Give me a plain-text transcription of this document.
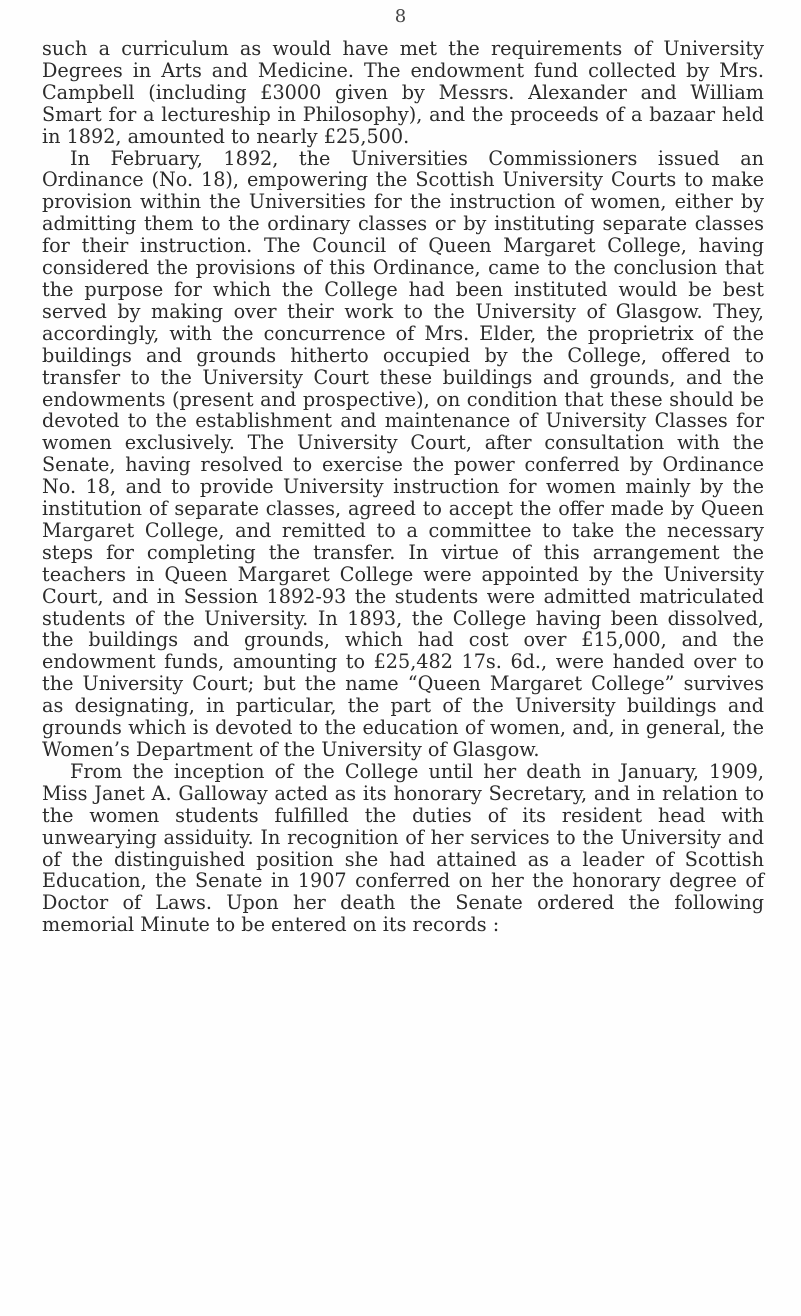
8

such a curriculum as would have met the requirements of University Degrees in Arts and Medicine. The endowment fund collected by Mrs. Campbell (including £3000 given by Messrs. Alexander and William Smart for a lectureship in Philosophy), and the proceeds of a bazaar held in 1892, amounted to nearly £25,500.

In February, 1892, the Universities Commissioners issued an Ordinance (No. 18), empowering the Scottish University Courts to make provision within the Universities for the instruction of women, either by admitting them to the ordinary classes or by instituting separate classes for their instruction. The Council of Queen Margaret College, having considered the provisions of this Ordinance, came to the conclusion that the purpose for which the College had been instituted would be best served by making over their work to the University of Glasgow. They, accordingly, with the concurrence of Mrs. Elder, the proprietrix of the buildings and grounds hitherto occupied by the College, offered to transfer to the University Court these buildings and grounds, and the endowments (present and prospective), on condition that these should be devoted to the establishment and maintenance of University Classes for women exclusively. The University Court, after consultation with the Senate, having resolved to exercise the power conferred by Ordinance No. 18, and to provide University instruction for women mainly by the institution of separate classes, agreed to accept the offer made by Queen Margaret College, and remitted to a committee to take the necessary steps for completing the transfer. In virtue of this arrangement the teachers in Queen Margaret College were appointed by the University Court, and in Session 1892-93 the students were admitted matriculated students of the University. In 1893, the College having been dissolved, the buildings and grounds, which had cost over £15,000, and the endowment funds, amounting to £25,482 17s. 6d., were handed over to the University Court; but the name “Queen Margaret College” survives as designating, in particular, the part of the University buildings and grounds which is devoted to the education of women, and, in general, the Women’s Department of the University of Glasgow.

From the inception of the College until her death in January, 1909, Miss Janet A. Galloway acted as its honorary Secretary, and in relation to the women students fulfilled the duties of its resident head with unwearying assiduity. In recognition of her services to the University and of the distinguished position she had attained as a leader of Scottish Education, the Senate in 1907 conferred on her the honorary degree of Doctor of Laws. Upon her death the Senate ordered the following memorial Minute to be entered on its records :
